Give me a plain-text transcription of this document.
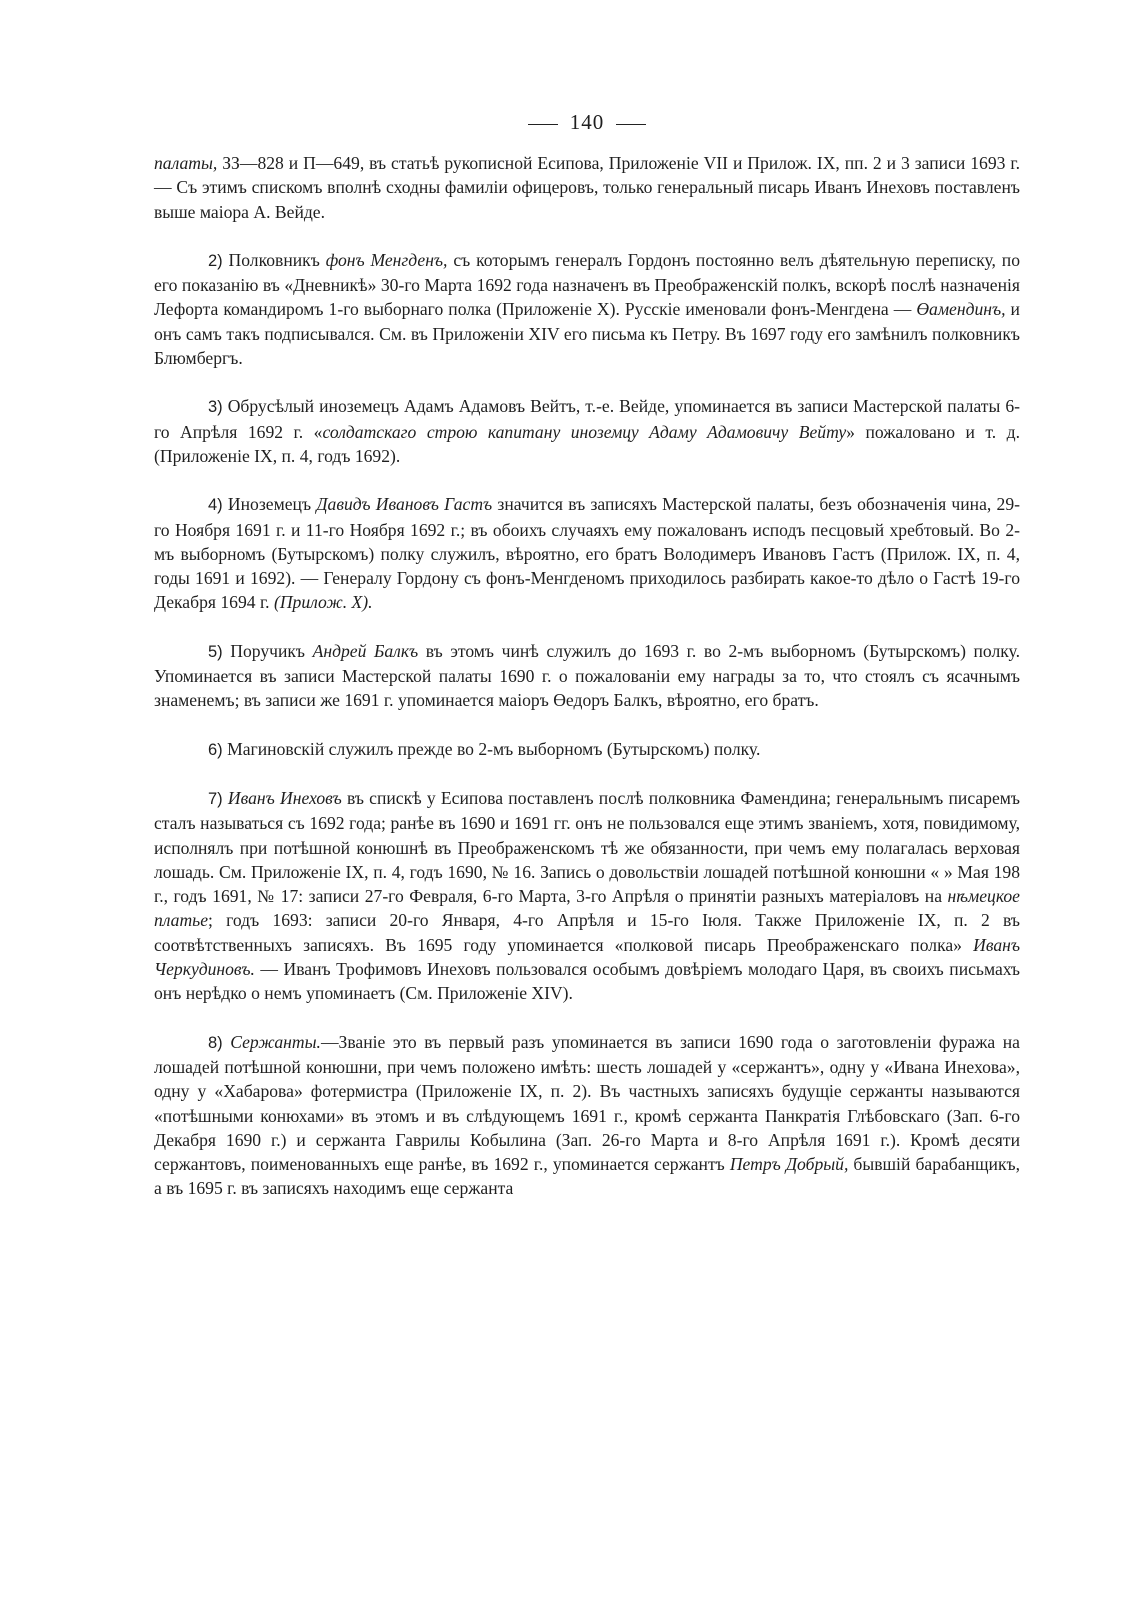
140

палаты, ЗЗ—828 и П—649, въ статьѣ рукописной Есипова, Приложеніе VII и Прилож. IX, пп. 2 и 3 записи 1693 г. — Съ этимъ спискомъ вполнѣ сходны фамиліи офицеровъ, только генеральный писарь Иванъ Инеховъ поставленъ выше маіора А. Вейде.

2) Полковникъ фонъ Менгденъ, съ которымъ генералъ Гордонъ постоянно велъ дѣятельную переписку, по его показанію въ «Дневникѣ» 30-го Марта 1692 года назначенъ въ Преображенскій полкъ, вскорѣ послѣ назначенія Лефорта командиромъ 1-го выборнаго полка (Приложеніе X). Русскіе именовали фонъ-Менгдена — Өамендинъ, и онъ самъ такъ подписывался. См. въ Приложеніи XIV его письма къ Петру. Въ 1697 году его замѣнилъ полковникъ Блюмбергъ.

3) Обрусѣлый иноземецъ Адамъ Адамовъ Вейтъ, т.-е. Вейде, упоминается въ записи Мастерской палаты 6-го Апрѣля 1692 г. «солдатскаго строю капитану иноземцу Адаму Адамовичу Вейту» пожаловано и т. д. (Приложеніе IX, п. 4, годъ 1692).

4) Иноземецъ Давидъ Ивановъ Гастъ значится въ записяхъ Мастерской палаты, безъ обозначенія чина, 29-го Ноября 1691 г. и 11-го Ноября 1692 г.; въ обоихъ случаяхъ ему пожалованъ исподъ песцовый хребтовый. Во 2-мъ выборномъ (Бутырскомъ) полку служилъ, вѣроятно, его братъ Володимеръ Ивановъ Гастъ (Прилож. IX, п. 4, годы 1691 и 1692). — Генералу Гордону съ фонъ-Менгденомъ приходилось разбирать какое-то дѣло о Гастѣ 19-го Декабря 1694 г. (Прилож. X).

5) Поручикъ Андрей Балкъ въ этомъ чинѣ служилъ до 1693 г. во 2-мъ выборномъ (Бутырскомъ) полку. Упоминается въ записи Мастерской палаты 1690 г. о пожалованіи ему награды за то, что стоялъ съ ясачнымъ знаменемъ; въ записи же 1691 г. упоминается маіоръ Өедоръ Балкъ, вѣроятно, его братъ.

6) Магиновскій служилъ прежде во 2-мъ выборномъ (Бутырскомъ) полку.

7) Иванъ Инеховъ въ спискѣ у Есипова поставленъ послѣ полковника Фамендина; генеральнымъ писаремъ сталъ называться съ 1692 года; ранѣе въ 1690 и 1691 гг. онъ не пользовался еще этимъ званіемъ, хотя, повидимому, исполнялъ при потѣшной конюшнѣ въ Преображенскомъ тѣ же обязанности, при чемъ ему полагалась верховая лошадь. См. Приложеніе IX, п. 4, годъ 1690, № 16. Запись о довольствіи лошадей потѣшной конюшни « » Мая 198 г., годъ 1691, № 17: записи 27-го Февраля, 6-го Марта, 3-го Апрѣля о принятіи разныхъ матеріаловъ на нѣмецкое платье; годъ 1693: записи 20-го Января, 4-го Апрѣля и 15-го Іюля. Также Приложеніе IX, п. 2 въ соотвѣтственныхъ записяхъ. Въ 1695 году упоминается «полковой писарь Преображенскаго полка» Иванъ Черкудиновъ. — Иванъ Трофимовъ Инеховъ пользовался особымъ довѣріемъ молодаго Царя, въ своихъ письмахъ онъ нерѣдко о немъ упоминаетъ (См. Приложеніе XIV).

8) Сержанты.—Званіе это въ первый разъ упоминается въ записи 1690 года о заготовленіи фуража на лошадей потѣшной конюшни, при чемъ положено имѣть: шесть лошадей у «сержантъ», одну у «Ивана Инехова», одну у «Хабарова» фотермистра (Приложеніе IX, п. 2). Въ частныхъ записяхъ будущіе сержанты называются «потѣшными конюхами» въ этомъ и въ слѣдующемъ 1691 г., кромѣ сержанта Панкратія Глѣбовскаго (Зап. 6-го Декабря 1690 г.) и сержанта Гаврилы Кобылина (Зап. 26-го Марта и 8-го Апрѣля 1691 г.). Кромѣ десяти сержантовъ, поименованныхъ еще ранѣе, въ 1692 г., упоминается сержантъ Петръ Добрый, бывшій барабанщикъ, а въ 1695 г. въ записяхъ находимъ еще сержанта
